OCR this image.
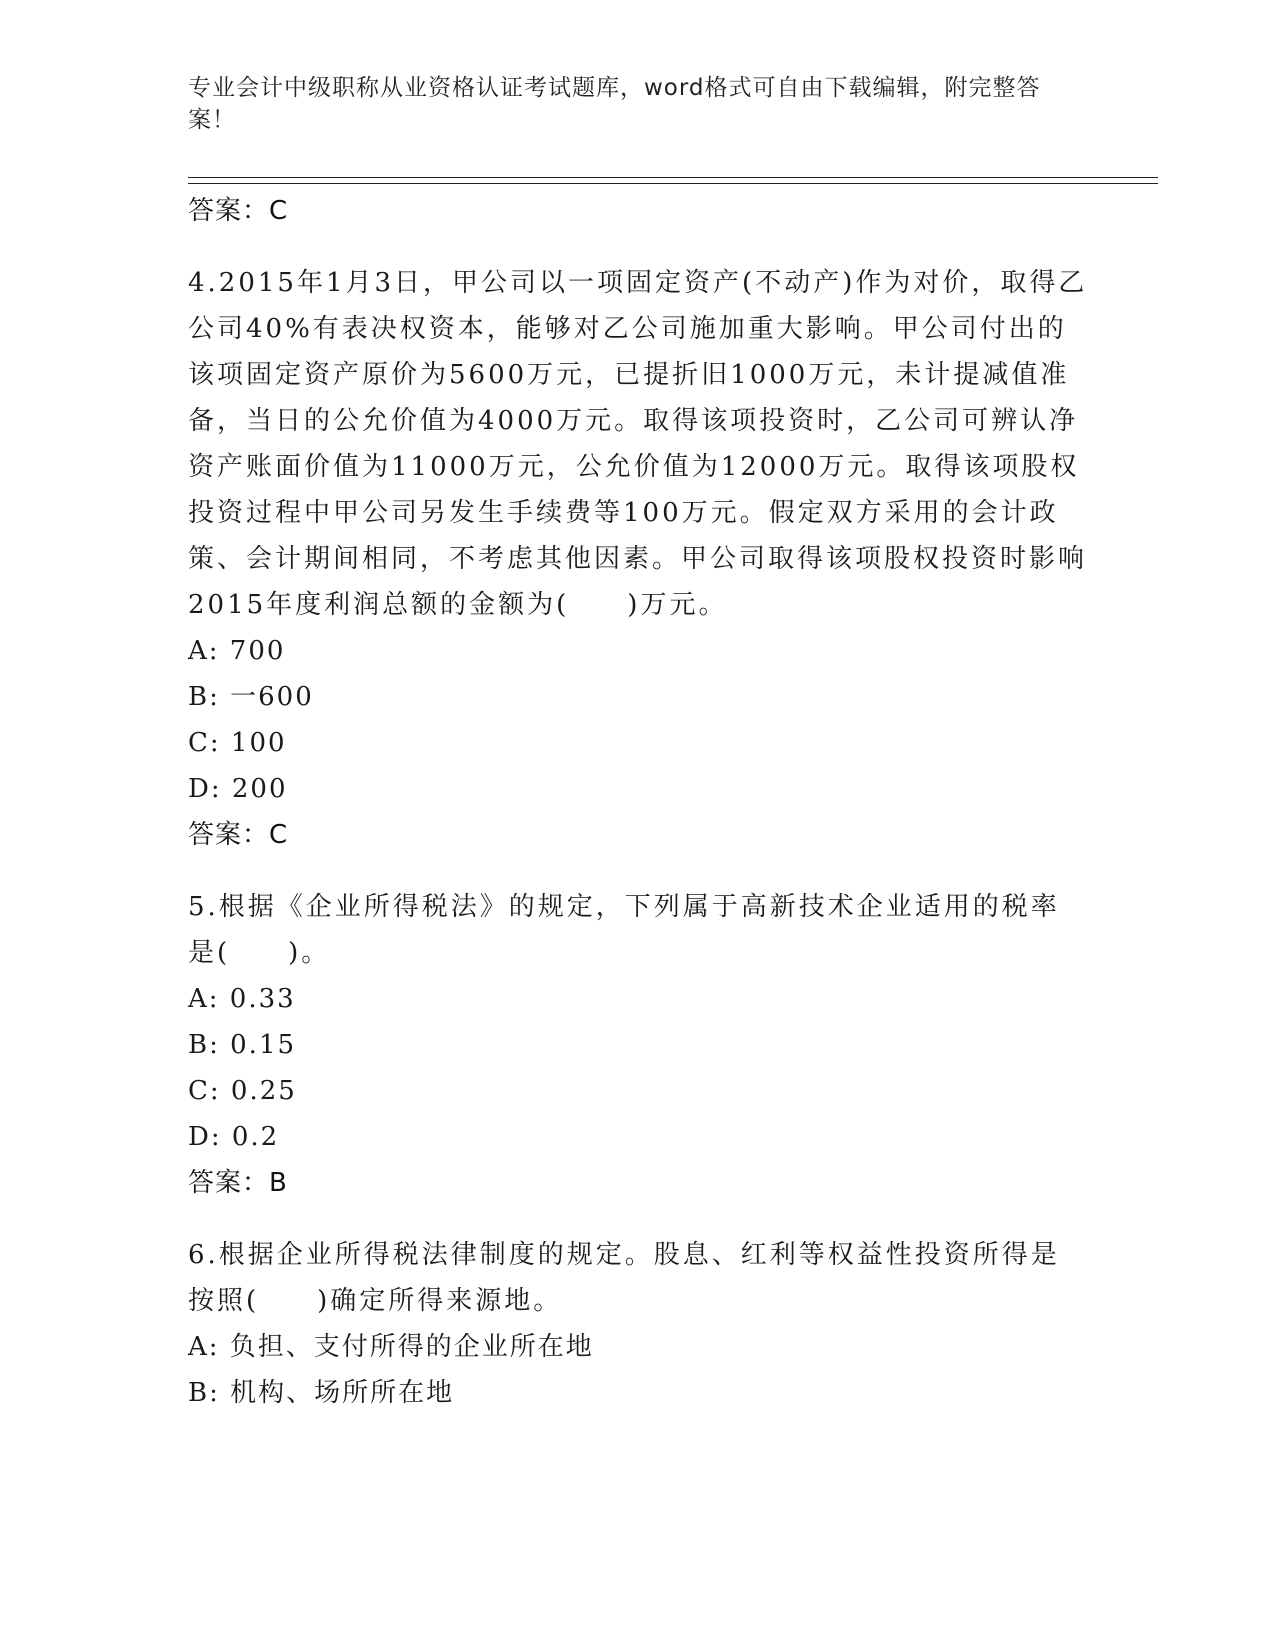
专业会计中级职称从业资格认证考试题库，word格式可自由下载编辑，附完整答案！
答案：C
4.2015年1月3日，甲公司以一项固定资产(不动产)作为对价，取得乙公司40%有表决权资本，能够对乙公司施加重大影响。甲公司付出的该项固定资产原价为5600万元，已提折旧1000万元，未计提减值准备，当日的公允价值为4000万元。取得该项投资时，乙公司可辨认净资产账面价值为11000万元，公允价值为12000万元。取得该项股权投资过程中甲公司另发生手续费等100万元。假定双方采用的会计政策、会计期间相同，不考虑其他因素。甲公司取得该项股权投资时影响2015年度利润总额的金额为(　　)万元。
A: 700
B: 一600
C: 100
D: 200
答案：C
5.根据《企业所得税法》的规定，下列属于高新技术企业适用的税率是(　　)。
A: 0.33
B: 0.15
C: 0.25
D: 0.2
答案：B
6.根据企业所得税法律制度的规定。股息、红利等权益性投资所得是按照(　　)确定所得来源地。
A: 负担、支付所得的企业所在地
B: 机构、场所所在地
